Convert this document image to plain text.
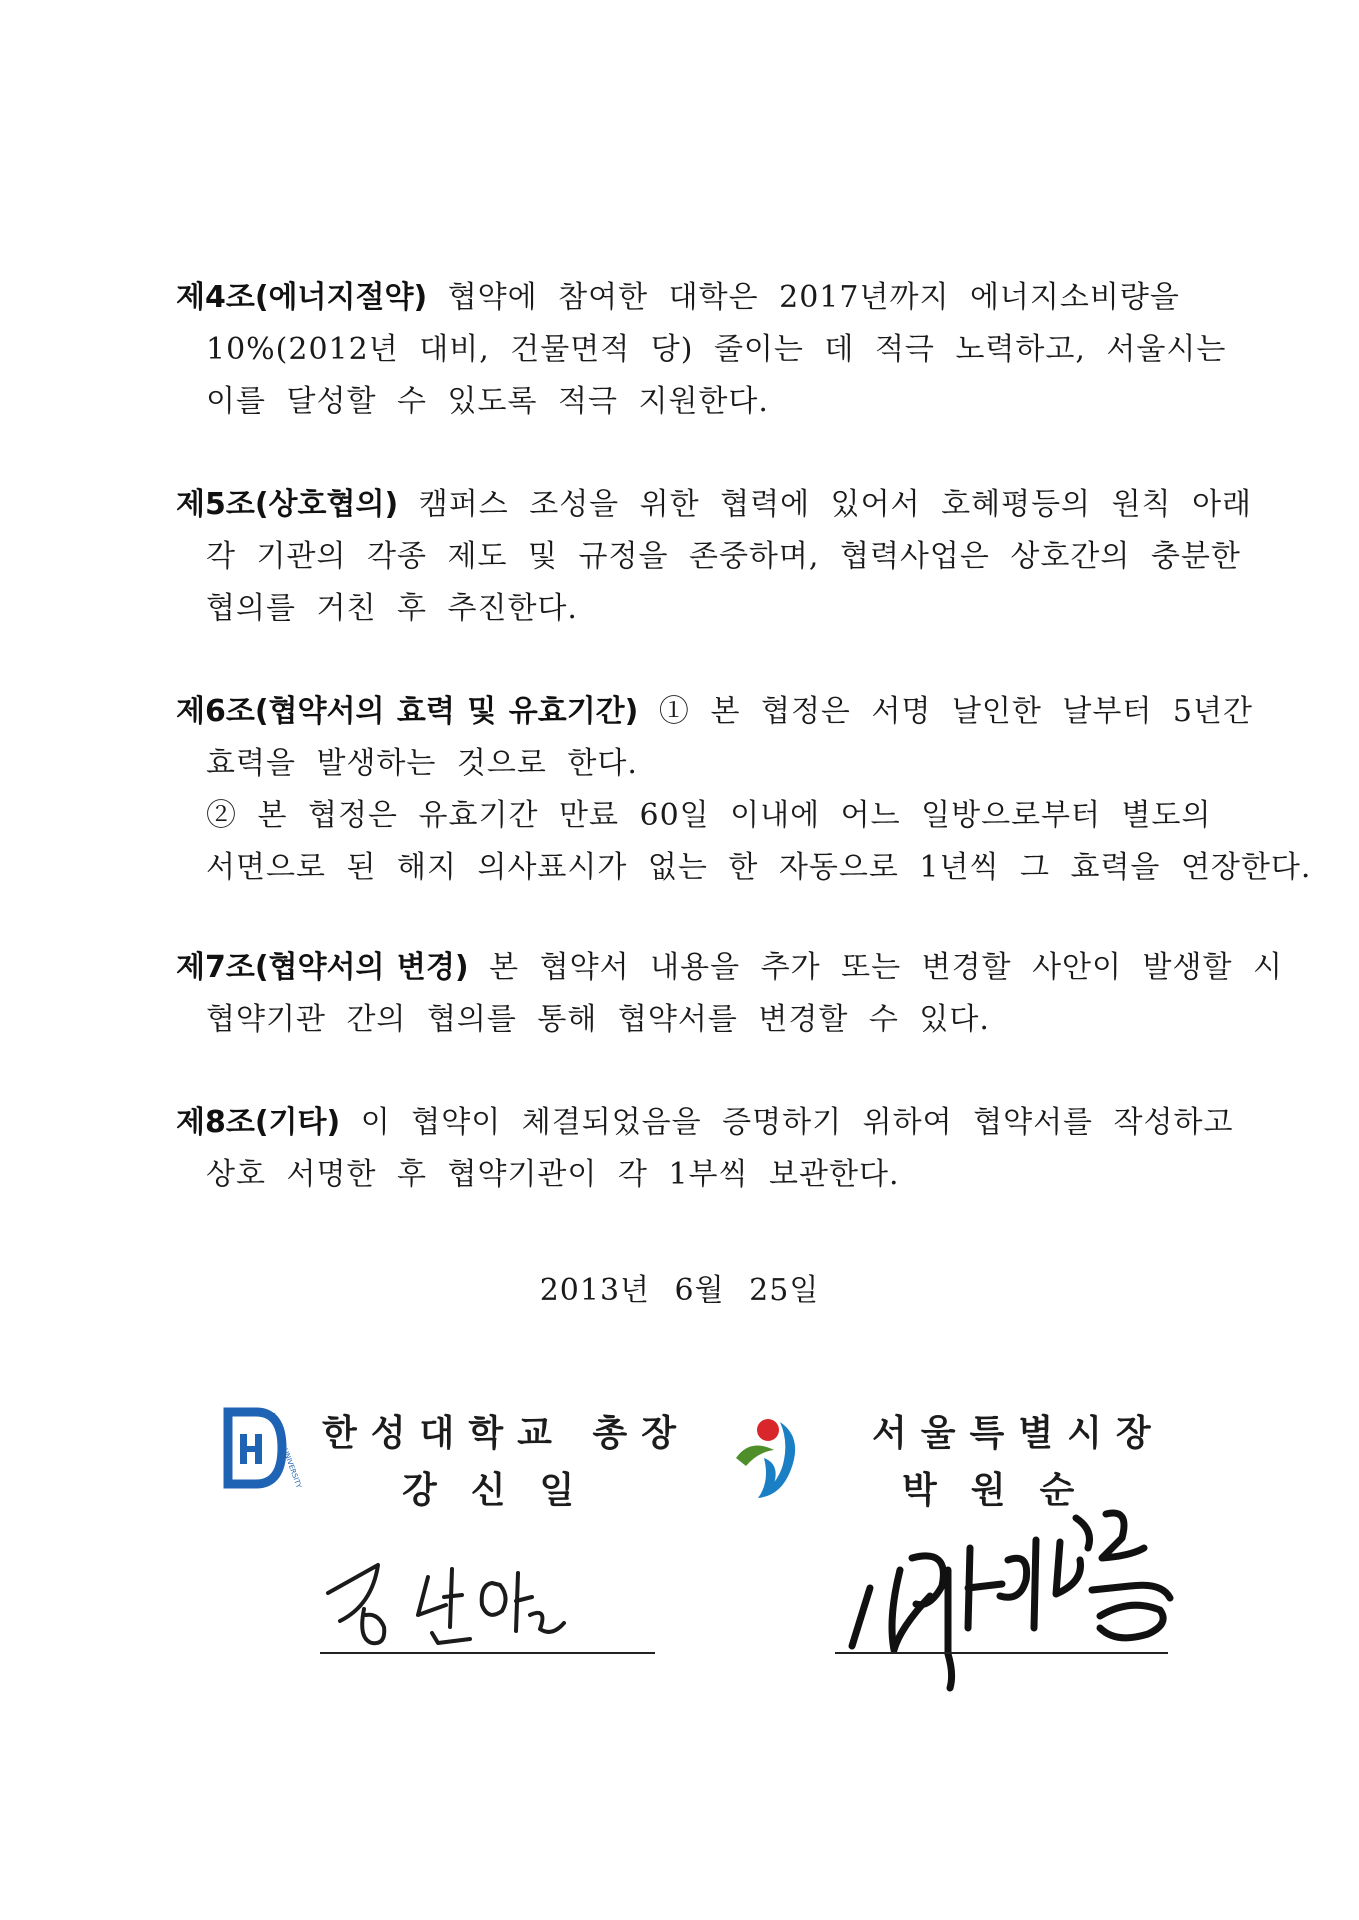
제4조(에너지절약) 협약에 참여한 대학은 2017년까지 에너지소비량을
10%(2012년 대비, 건물면적 당) 줄이는 데 적극 노력하고, 서울시는
이를 달성할 수 있도록 적극 지원한다.
제5조(상호협의) 캠퍼스 조성을 위한 협력에 있어서 호혜평등의 원칙 아래
각 기관의 각종 제도 및 규정을 존중하며, 협력사업은 상호간의 충분한
협의를 거친 후 추진한다.
제6조(협약서의 효력 및 유효기간) ① 본 협정은 서명 날인한 날부터 5년간
효력을 발생하는 것으로 한다.
② 본 협정은 유효기간 만료 60일 이내에 어느 일방으로부터 별도의
서면으로 된 해지 의사표시가 없는 한 자동으로 1년씩 그 효력을 연장한다.
제7조(협약서의 변경) 본 협약서 내용을 추가 또는 변경할 사안이 발생할 시
협약기관 간의 협의를 통해 협약서를 변경할 수 있다.
제8조(기타) 이 협약이 체결되었음을 증명하기 위하여 협약서를 작성하고
상호 서명한 후 협약기관이 각 1부씩 보관한다.
2013년 6월 25일
HANSUNG UNIVERSITY 한성대학교 총장
강신일
서울특별시장
박원순
박원순
